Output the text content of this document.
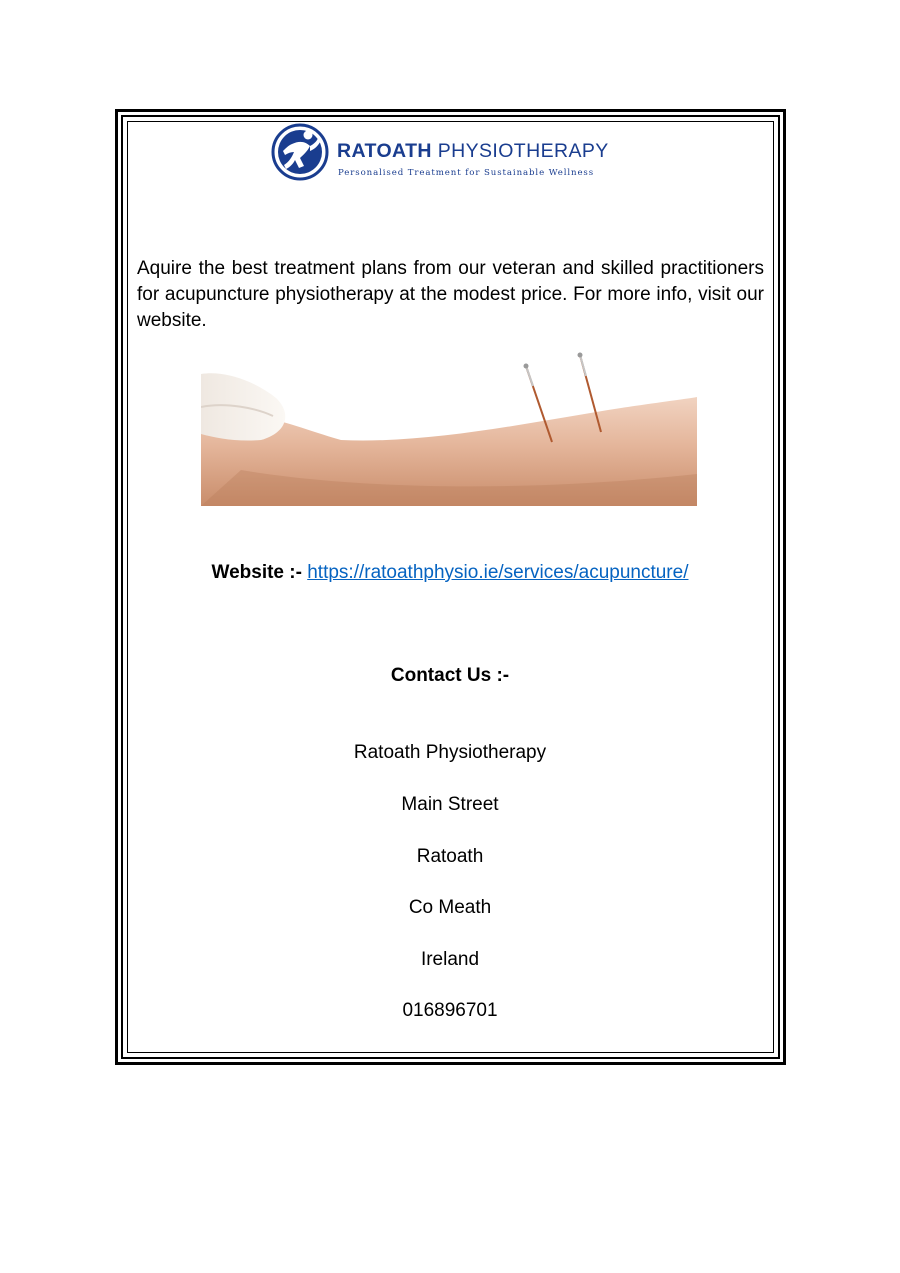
RATOATH PHYSIOTHERAPY
Personalised Treatment for Sustainable Wellness

Aquire the best treatment plans from our veteran and skilled practitioners for acupuncture physiotherapy at the modest price. For more info, visit our website.

Website :- https://ratoathphysio.ie/services/acupuncture/
Contact Us :-
Ratoath Physiotherapy
Main Street
Ratoath
Co Meath
Ireland
016896701
